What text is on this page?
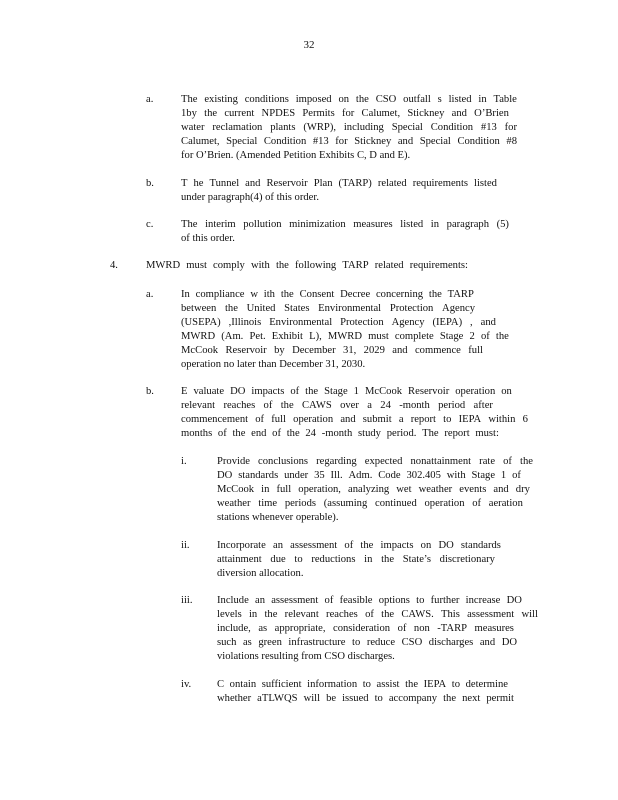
32
a.	The existing conditions imposed on the CSO outfall s listed in Table

1by the current NPDES Permits for Calumet, Stickney and O’Brien

water reclamation plants (WRP), including Special Condition #13 for

Calumet, Special Condition #13 for Stickney and Special Condition #8

for O’Brien. (Amended Petition Exhibits C, D and E).

b.	T he Tunnel and Reservoir Plan (TARP) related requirements listed

under paragraph(4) of this order.

c.	The interim pollution minimization measures listed in paragraph (5)

of this order.

4.	MWRD must comply with the following TARP related requirements:

a.	In compliance w ith the Consent Decree concerning the TARP

between the United States Environmental Protection Agency

(USEPA) ,Illinois Environmental Protection Agency (IEPA) , and

MWRD (Am. Pet. Exhibit L), MWRD must complete Stage 2 of the

McCook Reservoir by December 31, 2029 and commence full

operation no later than December 31, 2030.

b.	E valuate DO impacts of the Stage 1 McCook Reservoir operation on

relevant reaches of the CAWS over a 24 -month period after

commencement of full operation and submit a report to IEPA within 6

months of the end of the 24 -month study period. The report must:

i.	Provide conclusions regarding expected nonattainment rate of the

DO standards under 35 Ill. Adm. Code 302.405 with Stage 1 of

McCook in full operation, analyzing wet weather events and dry

weather time periods (assuming continued operation of aeration

stations whenever operable).

ii.	Incorporate an assessment of the impacts on DO standards

attainment due to reductions in the State’s discretionary

diversion allocation.

iii. Include an assessment of feasible options to further increase DO

levels in the relevant reaches of the CAWS. This assessment will

include, as appropriate, consideration of non -TARP measures

such as green infrastructure to reduce CSO discharges and DO

violations resulting from CSO discharges.

iv. C ontain sufficient information to assist the IEPA to determine

whether aTLWQS will be issued to accompany the next permit
